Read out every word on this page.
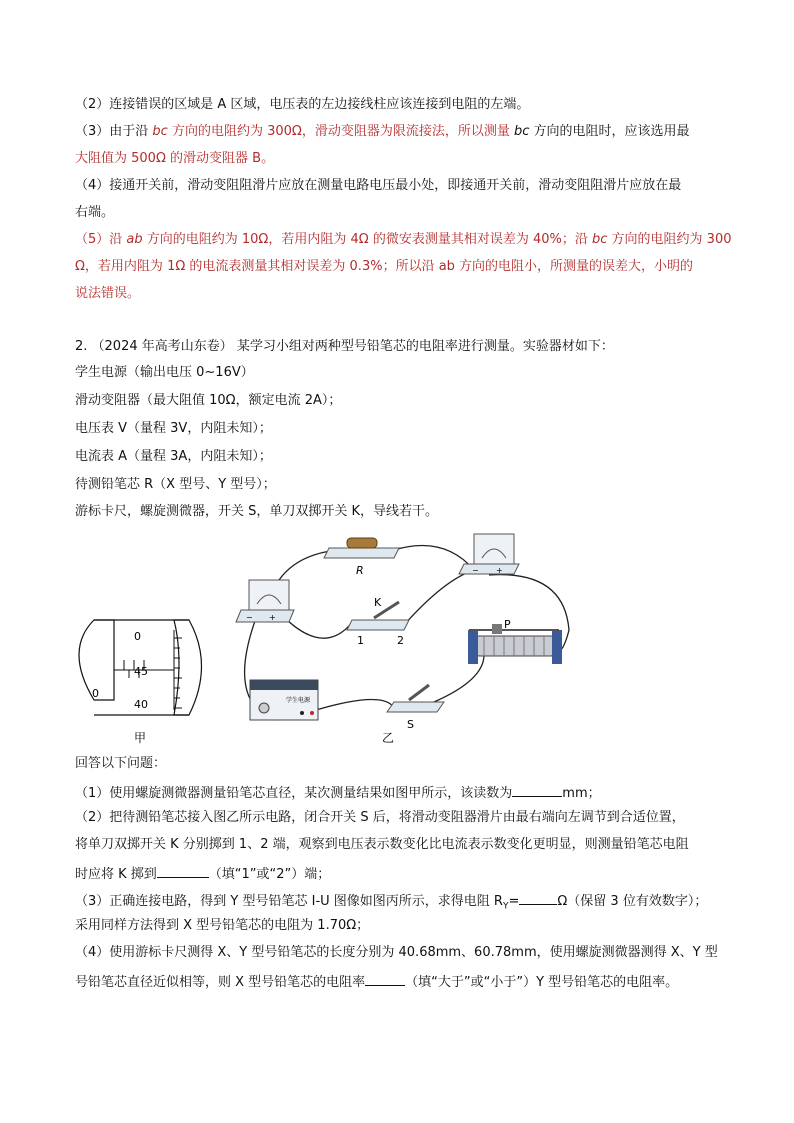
（2）连接错误的区域是 A 区域，电压表的左边接线柱应该连接到电阻的左端。
（3）由于沿 bc 方向的电阻约为 300Ω，滑动变阻器为限流接法，所以测量 bc 方向的电阻时，应该选用最
大阻值为 500Ω 的滑动变阻器 B。
（4）接通开关前，滑动变阻阻滑片应放在测量电路电压最小处，即接通开关前，滑动变阻阻滑片应放在最
右端。
（5）沿 ab 方向的电阻约为 10Ω，若用内阻为 4Ω 的微安表测量其相对误差为 40%；沿 bc 方向的电阻约为 300
Ω，若用内阻为 1Ω 的电流表测量其相对误差为 0.3%；所以沿 ab 方向的电阻小，所测量的误差大，小明的
说法错误。
2. （2024 年高考山东卷） 某学习小组对两种型号铅笔芯的电阻率进行测量。实验器材如下：
学生电源（输出电压 0~16V）
滑动变阻器（最大阻值 10Ω，额定电流 2A）；
电压表 V（量程 3V，内阻未知）；
电流表 A（量程 3A，内阻未知）；
待测铅笔芯 R（X 型号、Y 型号）；
游标卡尺，螺旋测微器，开关 S，单刀双掷开关 K，导线若干。
0
45
40
0
甲
R	− +
− +
K
1	2
P
学生电源
S
乙
回答以下问题：
（1）使用螺旋测微器测量铅笔芯直径，某次测量结果如图甲所示，该读数为	mm；
（2）把待测铅笔芯接入图乙所示电路，闭合开关 S 后，将滑动变阻器滑片由最右端向左调节到合适位置，
将单刀双掷开关 K 分别掷到 1、2 端，观察到电压表示数变化比电流表示数变化更明显，则测量铅笔芯电阻
时应将 K 掷到	（填“1”或“2”）端；
（3）正确连接电路，得到 Y 型号铅笔芯 I-U 图像如图丙所示，求得电阻 $R_Y=$	Ω（保留 3 位有效数字）；
采用同样方法得到 X 型号铅笔芯的电阻为 1.70Ω；
（4）使用游标卡尺测得 X、Y 型号铅笔芯的长度分别为 40.68mm、60.78mm，使用螺旋测微器测得 X、Y 型
号铅笔芯直径近似相等，则 X 型号铅笔芯的电阻率	（填“大于”或“小于”）Y 型号铅笔芯的电阻率。
